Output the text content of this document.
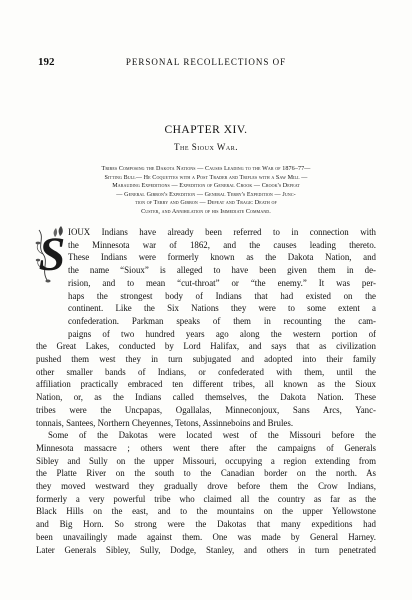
192	PERSONAL RECOLLECTIONS OF
CHAPTER XIV.
The Sioux War.
Tribes Composing the Dakota Nations — Causes Leading to the War of 1876–77—
Sitting Bull— He Coquettes with a Post Trader and Trifles with a Saw Mill —
Marauding Expeditions — Expedition of General Crook — Crook's Defeat
— General Gibbon's Expedition — General Terry's Expedition — Junc-
tion of Terry and Gibbon — Defeat and Tragic Death of
Custer, and Annihilation of his Immediate Command.
S IOUX Indians have already been referred to in connection with
the Minnesota war of 1862, and the causes leading thereto.
These Indians were formerly known as the Dakota Nation, and
the name “Sioux” is alleged to have been given them in de-
rision, and to mean “cut-throat” or “the enemy.” It was per-
haps the strongest body of Indians that had existed on the
continent. Like the Six Nations they were to some extent a
confederation. Parkman speaks of them in recounting the cam-
paigns of two hundred years ago along the western portion of
the Great Lakes, conducted by Lord Halifax, and says that as civilization
pushed them west they in turn subjugated and adopted into their family
other smaller bands of Indians, or confederated with them, until the
affiliation practically embraced ten different tribes, all known as the Sioux
Nation, or, as the Indians called themselves, the Dakota Nation. These
tribes were the Uncpapas, Ogallalas, Minneconjoux, Sans Arcs, Yanc-
tonnais, Santees, Northern Cheyennes, Tetons, Assinneboins and Brules.
Some of the Dakotas were located west of the Missouri before the
Minnesota massacre ; others went there after the campaigns of Generals
Sibley and Sully on the upper Missouri, occupying a region extending from
the Platte River on the south to the Canadian border on the north. As
they moved westward they gradually drove before them the Crow Indians,
formerly a very powerful tribe who claimed all the country as far as the
Black Hills on the east, and to the mountains on the upper Yellowstone
and Big Horn. So strong were the Dakotas that many expeditions had
been unavailingly made against them. One was made by General Harney.
Later Generals Sibley, Sully, Dodge, Stanley, and others in turn penetrated
